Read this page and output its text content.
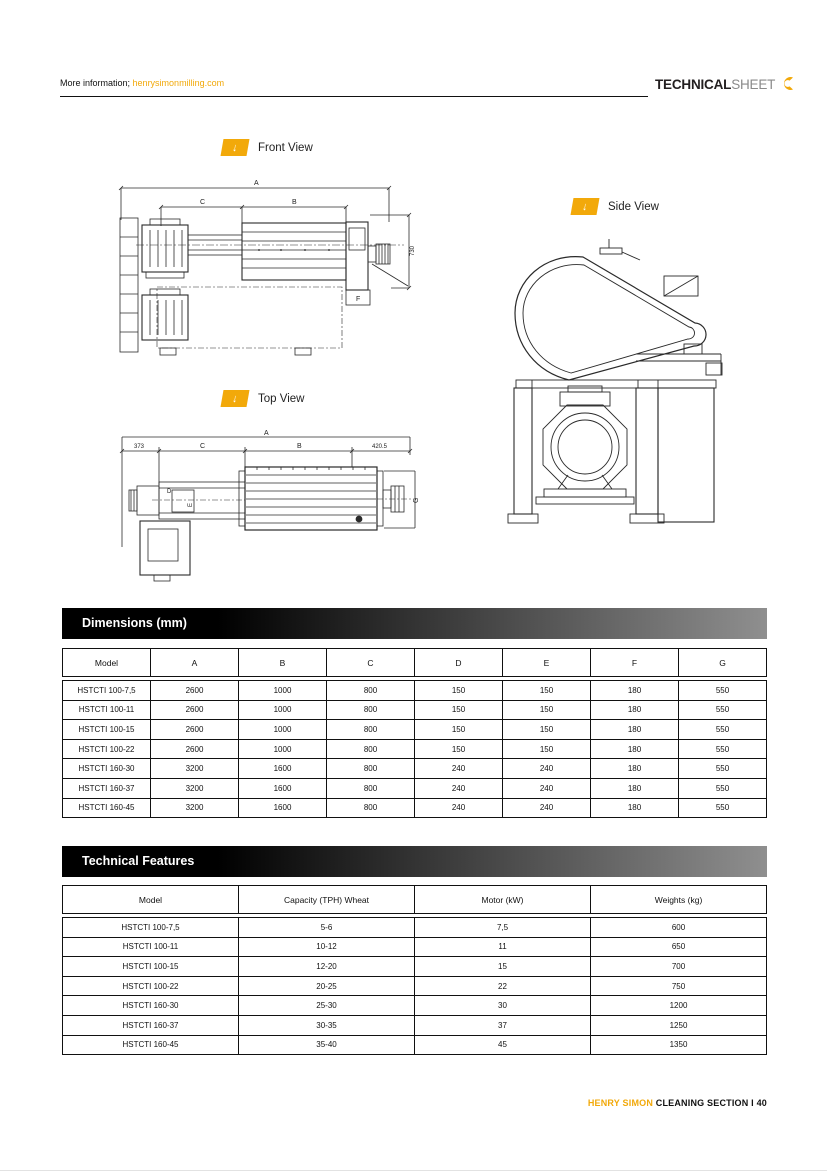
More information; henrysimonmilling.com	TECHNICALSHEET
↓	Front View
A
C	B
F
730
↓	Side View
↓	Top View
A
373	C	B	420.5
G
D
E
Dimensions (mm)
Model	A	B	C	D	E	F	G
HSTCTI 100-7,5	2600	1000	800	150	150	180	550
HSTCTI 100-11	2600	1000	800	150	150	180	550
HSTCTI 100-15	2600	1000	800	150	150	180	550
HSTCTI 100-22	2600	1000	800	150	150	180	550
HSTCTI 160-30	3200	1600	800	240	240	180	550
HSTCTI 160-37	3200	1600	800	240	240	180	550
HSTCTI 160-45	3200	1600	800	240	240	180	550
Technical Features
Model	Capacity (TPH) Wheat	Motor (kW)	Weights (kg)
HSTCTI 100-7,5	5-6	7,5	600
HSTCTI 100-11	10-12	11	650
HSTCTI 100-15	12-20	15	700
HSTCTI 100-22	20-25	22	750
HSTCTI 160-30	25-30	30	1200
HSTCTI 160-37	30-35	37	1250
HSTCTI 160-45	35-40	45	1350
HENRY SIMON CLEANING SECTION I 40
